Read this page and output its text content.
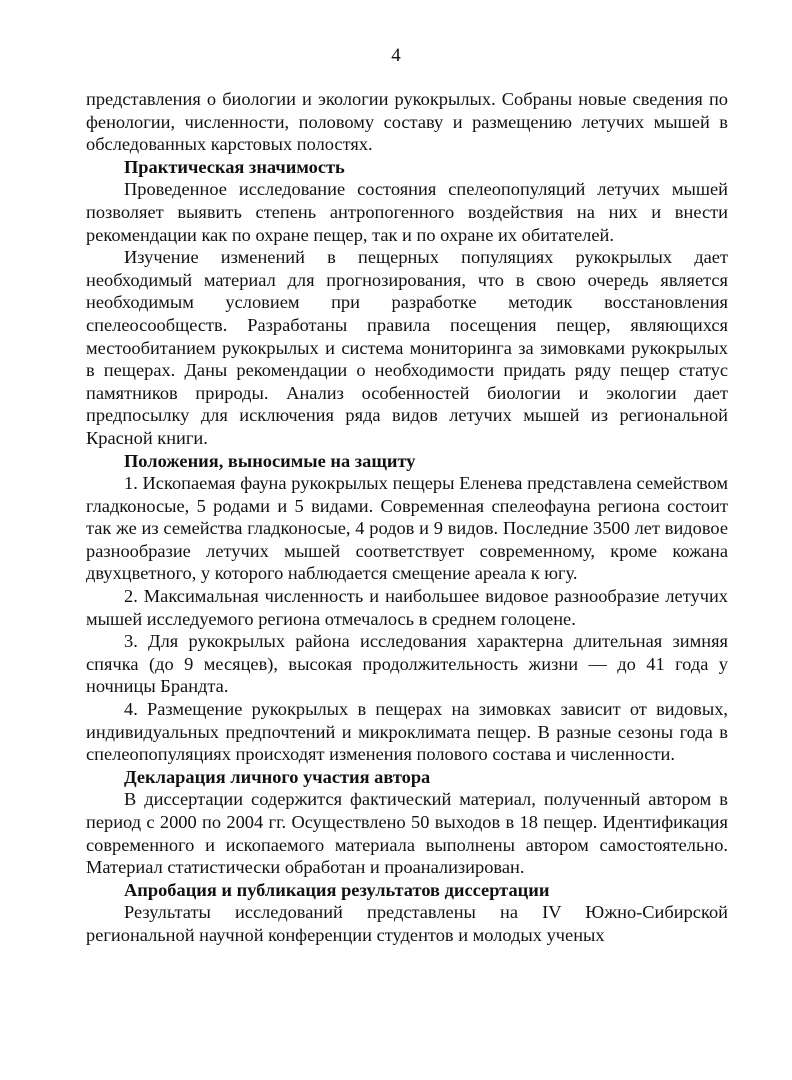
4

представления о биологии и экологии рукокрылых. Собраны новые сведения по фенологии, численности, половому составу и размещению летучих мышей в обследованных карстовых полостях.

Практическая значимость

Проведенное исследование состояния спелеопопуляций летучих мышей позволяет выявить степень антропогенного воздействия на них и внести рекомендации как по охране пещер, так и по охране их обитателей.

Изучение изменений в пещерных популяциях рукокрылых дает необходимый материал для прогнозирования, что в свою очередь является необходимым условием при разработке методик восстановления спелеосообществ. Разработаны правила посещения пещер, являющихся местообитанием рукокрылых и система мониторинга за зимовками рукокрылых в пещерах. Даны рекомендации о необходимости придать ряду пещер статус памятников природы. Анализ особенностей биологии и экологии дает предпосылку для исключения ряда видов летучих мышей из региональной Красной книги.

Положения, выносимые на защиту

1. Ископаемая фауна рукокрылых пещеры Еленева представлена семейством гладконосые, 5 родами и 5 видами. Современная спелеофауна региона состоит так же из семейства гладконосые, 4 родов и 9 видов. Последние 3500 лет видовое разнообразие летучих мышей соответствует современному, кроме кожана двухцветного, у которого наблюдается смещение ареала к югу.

2. Максимальная численность и наибольшее видовое разнообразие летучих мышей исследуемого региона отмечалось в среднем голоцене.

3. Для рукокрылых района исследования характерна длительная зимняя спячка (до 9 месяцев), высокая продолжительность жизни — до 41 года у ночницы Брандта.

4. Размещение рукокрылых в пещерах на зимовках зависит от видовых, индивидуальных предпочтений и микроклимата пещер. В разные сезоны года в спелеопопуляциях происходят изменения полового состава и численности.

Декларация личного участия автора

В диссертации содержится фактический материал, полученный автором в период с 2000 по 2004 гг. Осуществлено 50 выходов в 18 пещер. Идентификация современного и ископаемого материала выполнены автором самостоятельно. Материал статистически обработан и проанализирован.

Апробация и публикация результатов диссертации

Результаты исследований представлены на IV Южно-Сибирской региональной научной конференции студентов и молодых ученых
